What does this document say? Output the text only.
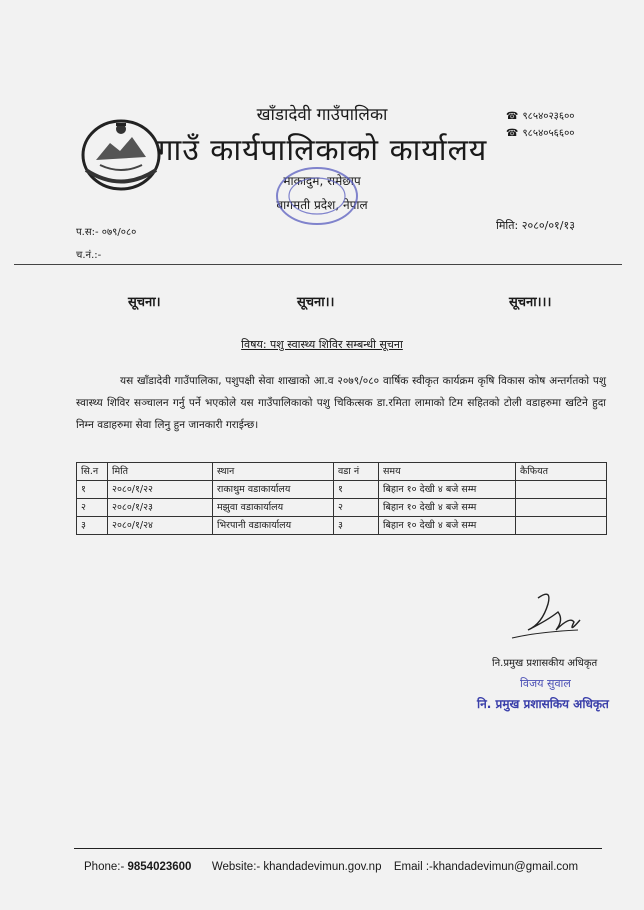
खाँडादेवी गाउँपालिका
गाउँ कार्यपालिकाको कार्यालय
माकादुम, रामेछाप
बागमती प्रदेश, नेपाल
☎ ९८५४०२३६००
☎ ९८५४०५६६००
प.स:- ०७९/०८०
च.नं.:-
मिति: २०८०/०१/१३
सूचना।	सूचना।।	सूचना।।।
विषय: पशु स्वास्थ्य शिविर सम्बन्धी सूचना
यस खाँडादेवी गाउँपालिका, पशुपक्षी सेवा शाखाको आ.व २०७९/०८० वार्षिक स्वीकृत कार्यक्रम कृषि विकास कोष अन्तर्गतको पशु स्वास्थ्य शिविर सञ्चालन गर्नु पर्ने भएकोले यस गाउँपालिकाको पशु चिकित्सक डा.रमिता लामाको टिम सहितको टोली वडाहरुमा खटिने हुदा निम्न वडाहरुमा सेवा लिनु हुन जानकारी गराईन्छ।
सि.न	मिति	स्थान	वडा नं	समय	कैफियत
१	२०८०/१/२२	राकाथुम वडाकार्यालय	१	बिहान १० देखी ४ बजे सम्म	
२	२०८०/१/२३	मझुवा वडाकार्यालय	२	बिहान १० देखी ४ बजे सम्म	
३	२०८०/१/२४	भिरपानी वडाकार्यालय	३	बिहान १० देखी ४ बजे सम्म	
नि.प्रमुख प्रशासकीय अधिकृत
विजय सुवाल
नि. प्रमुख प्रशासकिय अधिकृत
Phone:- 9854023600 Website:- khandadevimun.gov.np Email :-khandadevimun@gmail.com
